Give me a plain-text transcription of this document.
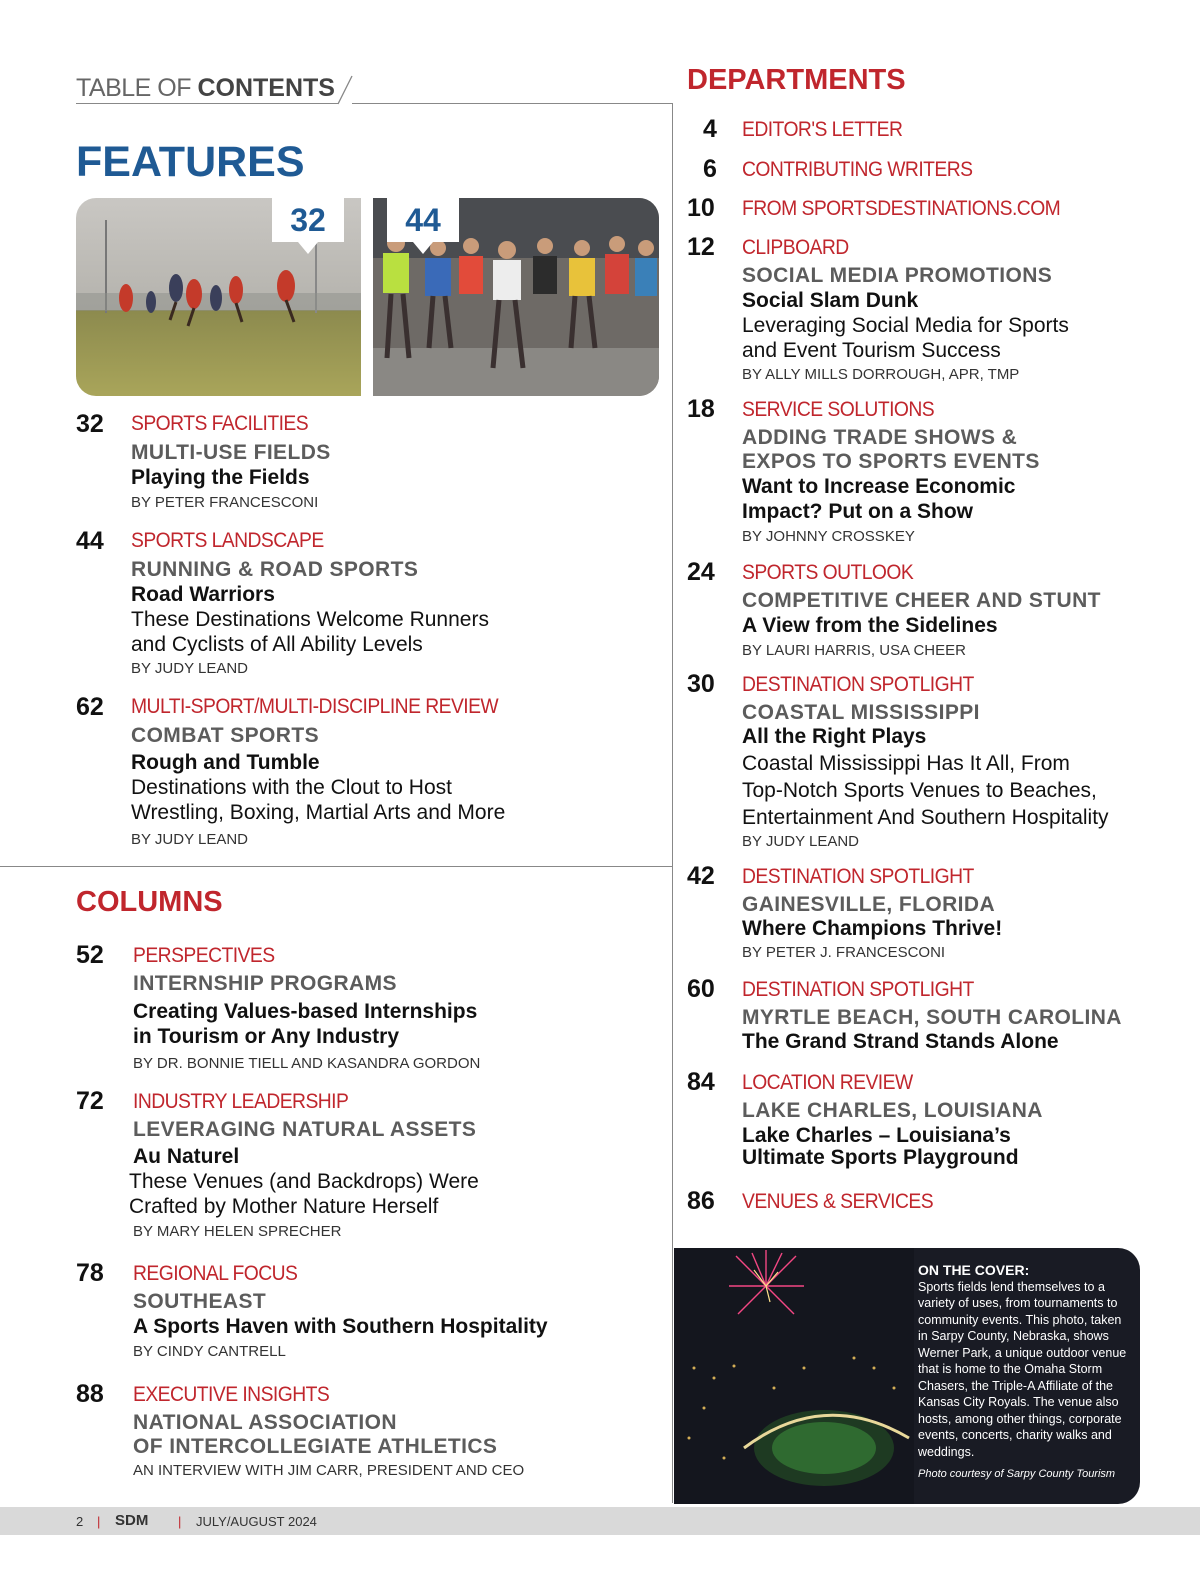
TABLE OF CONTENTS
FEATURES
32	44
32 SPORTS FACILITIES
MULTI-USE FIELDS
Playing the Fields
BY PETER FRANCESCONI
44 SPORTS LANDSCAPE
RUNNING & ROAD SPORTS
Road Warriors
These Destinations Welcome Runners
and Cyclists of All Ability Levels
BY JUDY LEAND
62 MULTI-SPORT/MULTI-DISCIPLINE REVIEW
COMBAT SPORTS
Rough and Tumble
Destinations with the Clout to Host
Wrestling, Boxing, Martial Arts and More
BY JUDY LEAND
COLUMNS
52 PERSPECTIVES
INTERNSHIP PROGRAMS
Creating Values-based Internships
in Tourism or Any Industry
BY DR. BONNIE TIELL AND KASANDRA GORDON
72 INDUSTRY LEADERSHIP
LEVERAGING NATURAL ASSETS
Au Naturel
These Venues (and Backdrops) Were
Crafted by Mother Nature Herself
BY MARY HELEN SPRECHER
78 REGIONAL FOCUS
SOUTHEAST
A Sports Haven with Southern Hospitality
BY CINDY CANTRELL
88 EXECUTIVE INSIGHTS
NATIONAL ASSOCIATION
OF INTERCOLLEGIATE ATHLETICS
AN INTERVIEW WITH JIM CARR, PRESIDENT AND CEO
DEPARTMENTS
4 EDITOR'S LETTER
6 CONTRIBUTING WRITERS
10 FROM SPORTSDESTINATIONS.COM
12 CLIPBOARD
SOCIAL MEDIA PROMOTIONS
Social Slam Dunk
Leveraging Social Media for Sports
and Event Tourism Success
BY ALLY MILLS DORROUGH, APR, TMP
18 SERVICE SOLUTIONS
ADDING TRADE SHOWS &
EXPOS TO SPORTS EVENTS
Want to Increase Economic
Impact? Put on a Show
BY JOHNNY CROSSKEY
24 SPORTS OUTLOOK
COMPETITIVE CHEER AND STUNT
A View from the Sidelines
BY LAURI HARRIS, USA CHEER
30 DESTINATION SPOTLIGHT
COASTAL MISSISSIPPI
All the Right Plays
Coastal Mississippi Has It All, From
Top-Notch Sports Venues to Beaches,
Entertainment And Southern Hospitality
BY JUDY LEAND
42 DESTINATION SPOTLIGHT
GAINESVILLE, FLORIDA
Where Champions Thrive!
BY PETER J. FRANCESCONI
60 DESTINATION SPOTLIGHT
MYRTLE BEACH, SOUTH CAROLINA
The Grand Strand Stands Alone
84 LOCATION REVIEW
LAKE CHARLES, LOUISIANA
Lake Charles – Louisiana’s
Ultimate Sports Playground
86 VENUES & SERVICES
ON THE COVER:
Sports fields lend themselves to a variety of uses, from tournaments to community events. This photo, taken in Sarpy County, Nebraska, shows Werner Park, a unique outdoor venue that is home to the Omaha Storm Chasers, the Triple-A Affiliate of the Kansas City Royals. The venue also hosts, among other things, corporate events, concerts, charity walks and weddings.
Photo courtesy of Sarpy County Tourism
2 | SDM | JULY/AUGUST 2024
